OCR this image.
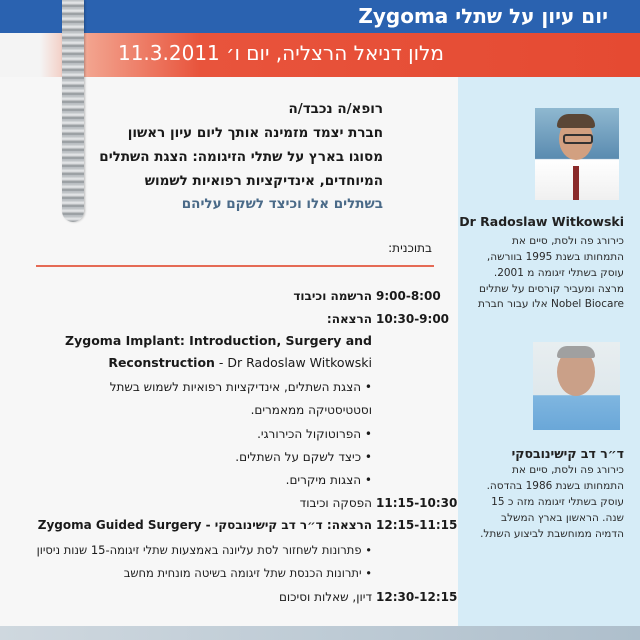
יום עיון על שתלי Zygoma
מלון דניאל הרצליה, יום ו׳ 11.3.2011
רופא/ה נכבד/ה
חברת יצמד מזמינה אותך ליום עיון ראשון
מסוגו בארץ על שתלי הזיגומה: הצגת השתלים
המיוחדים, אינדיקציות רפואיות לשמוש
בשתלים אלו וכיצד לשקם עליהם
בתוכנית:
9:00-8:00
הרשמה וכיבוד
10:30-9:00
הרצאה:
Zygoma Implant: Introduction, Surgery and
Reconstruction - Dr Radoslaw Witkowski
• הצגת השתלים, אינדיקציות רפואיות לשמוש בשתל
וסטטיסטיקה ממאמרים.
• הפרוטוקול הכירורגי.
• כיצד לשקם על השתלים.
• הצגות מיקרים.
11:15-10:30
הפסקה וכיבוד
12:15-11:15
הרצאה: ד״ר דב קישינובסקי - Zygoma Guided Surgery
• פתרונות לשחזור לסת עליונה באמצעות שתלי זיגומה-15 שנות ניסיון
• יתרונות הכנסת שתל זיגומה בשיטה מונחית מחשב
12:30-12:15
דיון, שאלות וסיכום
Dr Radoslaw Witkowski
כירורג פה ולסת, סיים את
התמחותו בשנת 1995 בוורשה,
עוסק בשתלי זיגומה מ 2001.
מרצה ומעביר קורסים על שתלים
Nobel Biocare אלו עבור חברת
ד״ר דב קישינובסקי
כירורג פה ולסת, סיים את
התמחותו בשנת 1986 בהדסה.
עוסק בשתלי זיגומה מזה כ 15
שנה. הראשון בארץ המשלב
הדמיה ממוחשבת לביצוע השתל.
